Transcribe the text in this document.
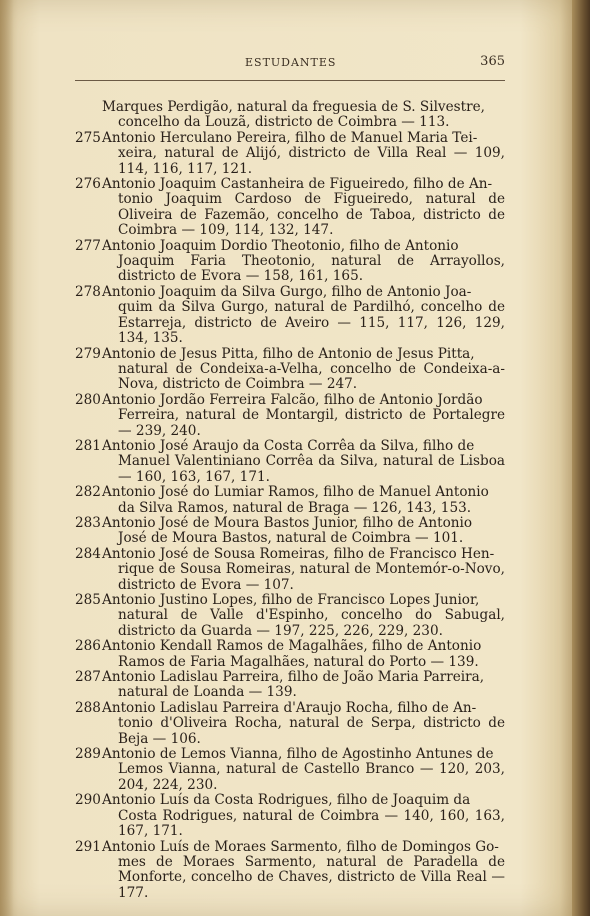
ESTUDANTES	365

Marques Perdigão, natural da freguesia de S. Silvestre,
concelho da Louzã, districto de Coimbra — 113.

275 Antonio Herculano Pereira, filho de Manuel Maria Tei-
xeira, natural de Alijó, districto de Villa Real — 109, 114, 116, 117, 121.

276 Antonio Joaquim Castanheira de Figueiredo, filho de An-
tonio Joaquim Cardoso de Figueiredo, natural de Oliveira de Fazemão, concelho de Taboa, districto de Coimbra — 109, 114, 132, 147.

277 Antonio Joaquim Dordio Theotonio, filho de Antonio
Joaquim Faria Theotonio, natural de Arrayollos, districto de Evora — 158, 161, 165.

278 Antonio Joaquim da Silva Gurgo, filho de Antonio Joa-
quim da Silva Gurgo, natural de Pardilhó, concelho de Estarreja, districto de Aveiro — 115, 117, 126, 129, 134, 135.

279 Antonio de Jesus Pitta, filho de Antonio de Jesus Pitta,
natural de Condeixa-a-Velha, concelho de Condeixa-a-Nova, districto de Coimbra — 247.

280 Antonio Jordão Ferreira Falcão, filho de Antonio Jordão
Ferreira, natural de Montargil, districto de Portalegre — 239, 240.

281 Antonio José Araujo da Costa Corrêa da Silva, filho de
Manuel Valentiniano Corrêa da Silva, natural de Lisboa — 160, 163, 167, 171.

282 Antonio José do Lumiar Ramos, filho de Manuel Antonio
da Silva Ramos, natural de Braga — 126, 143, 153.

283 Antonio José de Moura Bastos Junior, filho de Antonio
José de Moura Bastos, natural de Coimbra — 101.

284 Antonio José de Sousa Romeiras, filho de Francisco Hen-
rique de Sousa Romeiras, natural de Montemór-o-Novo, districto de Evora — 107.

285 Antonio Justino Lopes, filho de Francisco Lopes Junior,
natural de Valle d'Espinho, concelho do Sabugal, districto da Guarda — 197, 225, 226, 229, 230.

286 Antonio Kendall Ramos de Magalhães, filho de Antonio
Ramos de Faria Magalhães, natural do Porto — 139.

287 Antonio Ladislau Parreira, filho de João Maria Parreira,
natural de Loanda — 139.

288 Antonio Ladislau Parreira d'Araujo Rocha, filho de An-
tonio d'Oliveira Rocha, natural de Serpa, districto de Beja — 106.

289 Antonio de Lemos Vianna, filho de Agostinho Antunes de
Lemos Vianna, natural de Castello Branco — 120, 203, 204, 224, 230.

290 Antonio Luís da Costa Rodrigues, filho de Joaquim da
Costa Rodrigues, natural de Coimbra — 140, 160, 163, 167, 171.

291 Antonio Luís de Moraes Sarmento, filho de Domingos Go-
mes de Moraes Sarmento, natural de Paradella de Monforte, concelho de Chaves, districto de Villa Real — 177.
